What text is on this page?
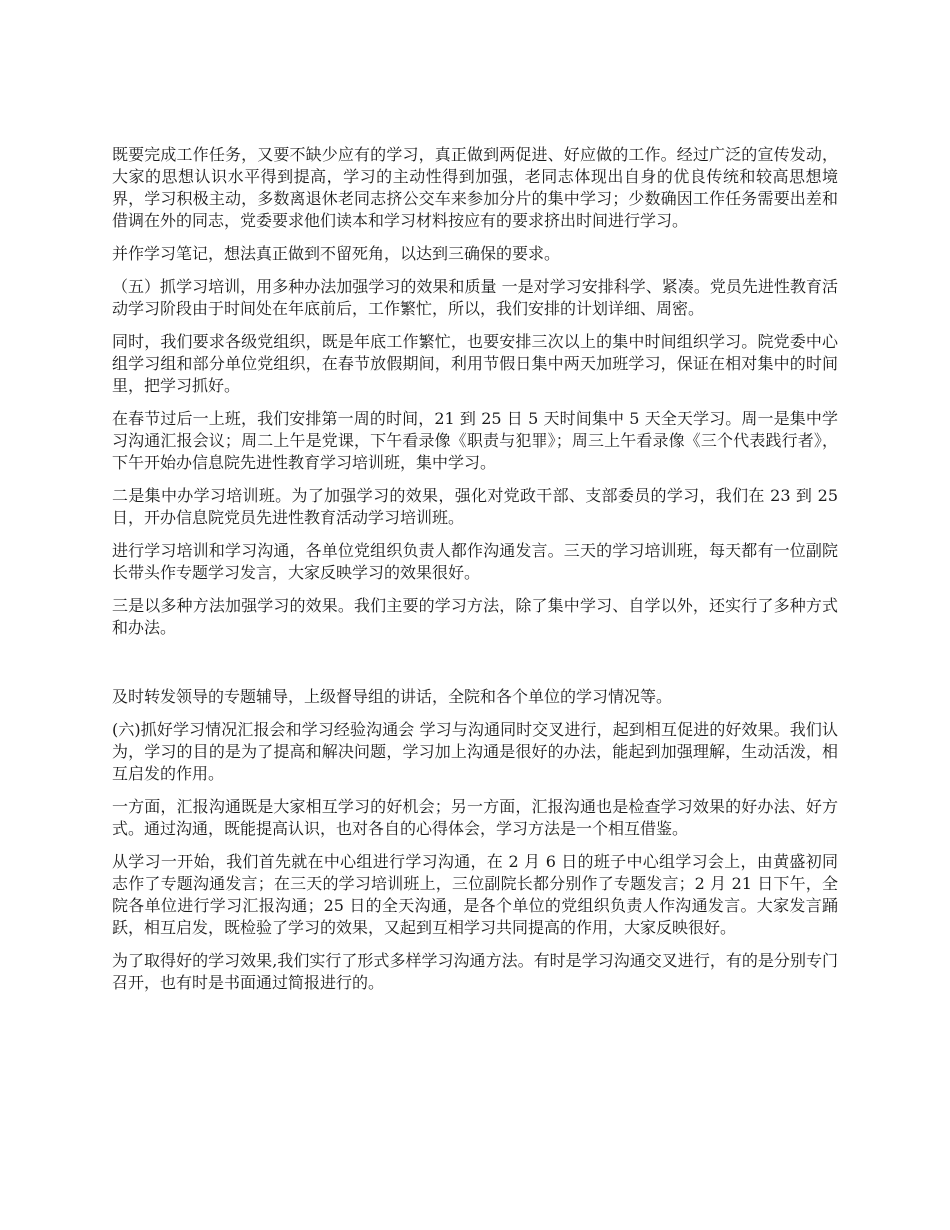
既要完成工作任务，又要不缺少应有的学习，真正做到两促进、好应做的工作。经过广泛的宣传发动，大家的思想认识水平得到提高，学习的主动性得到加强，老同志体现出自身的优良传统和较高思想境界，学习积极主动，多数离退休老同志挤公交车来参加分片的集中学习；少数确因工作任务需要出差和借调在外的同志，党委要求他们读本和学习材料按应有的要求挤出时间进行学习。

并作学习笔记，想法真正做到不留死角，以达到三确保的要求。

（五）抓学习培训，用多种办法加强学习的效果和质量 一是对学习安排科学、紧凑。党员先进性教育活动学习阶段由于时间处在年底前后，工作繁忙，所以，我们安排的计划详细、周密。

同时，我们要求各级党组织，既是年底工作繁忙，也要安排三次以上的集中时间组织学习。院党委中心组学习组和部分单位党组织，在春节放假期间，利用节假日集中两天加班学习，保证在相对集中的时间里，把学习抓好。

在春节过后一上班，我们安排第一周的时间，21 到 25 日 5 天时间集中 5 天全天学习。周一是集中学习沟通汇报会议；周二上午是党课，下午看录像《职责与犯罪》；周三上午看录像《三个代表践行者》，下午开始办信息院先进性教育学习培训班，集中学习。

二是集中办学习培训班。为了加强学习的效果，强化对党政干部、支部委员的学习，我们在 23 到 25 日，开办信息院党员先进性教育活动学习培训班。

进行学习培训和学习沟通，各单位党组织负责人都作沟通发言。三天的学习培训班，每天都有一位副院长带头作专题学习发言，大家反映学习的效果很好。

三是以多种方法加强学习的效果。我们主要的学习方法，除了集中学习、自学以外，还实行了多种方式和办法。

及时转发领导的专题辅导，上级督导组的讲话，全院和各个单位的学习情况等。

(六)抓好学习情况汇报会和学习经验沟通会 学习与沟通同时交叉进行，起到相互促进的好效果。我们认为，学习的目的是为了提高和解决问题，学习加上沟通是很好的办法，能起到加强理解，生动活泼，相互启发的作用。

一方面，汇报沟通既是大家相互学习的好机会；另一方面，汇报沟通也是检查学习效果的好办法、好方式。通过沟通，既能提高认识，也对各自的心得体会，学习方法是一个相互借鉴。

从学习一开始，我们首先就在中心组进行学习沟通，在 2 月 6 日的班子中心组学习会上，由黄盛初同志作了专题沟通发言；在三天的学习培训班上，三位副院长都分别作了专题发言；2 月 21 日下午，全院各单位进行学习汇报沟通；25 日的全天沟通，是各个单位的党组织负责人作沟通发言。大家发言踊跃，相互启发，既检验了学习的效果，又起到互相学习共同提高的作用，大家反映很好。

为了取得好的学习效果,我们实行了形式多样学习沟通方法。有时是学习沟通交叉进行，有的是分别专门召开，也有时是书面通过简报进行的。
